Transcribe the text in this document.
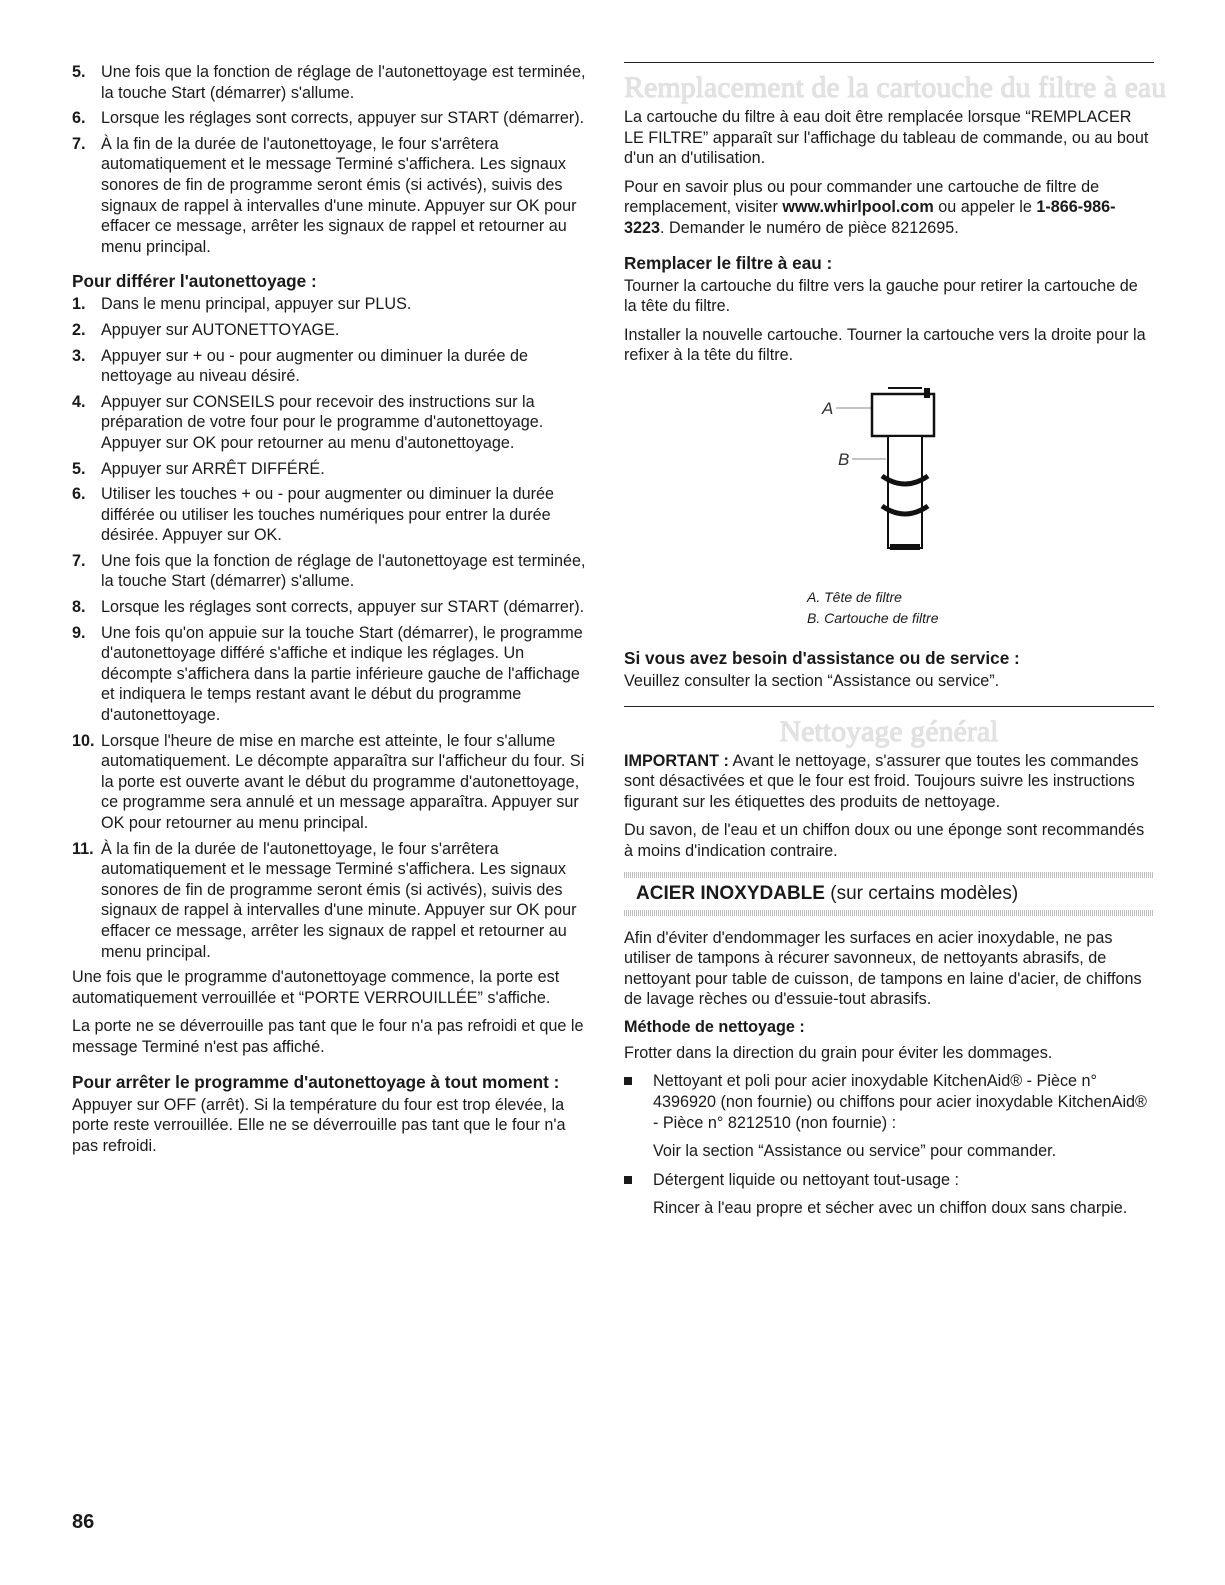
5. Une fois que la fonction de réglage de l'autonettoyage est terminée, la touche Start (démarrer) s'allume.
6. Lorsque les réglages sont corrects, appuyer sur START (démarrer).
7. À la fin de la durée de l'autonettoyage, le four s'arrêtera automatiquement et le message Terminé s'affichera. Les signaux sonores de fin de programme seront émis (si activés), suivis des signaux de rappel à intervalles d'une minute. Appuyer sur OK pour effacer ce message, arrêter les signaux de rappel et retourner au menu principal.
Pour différer l'autonettoyage :
1. Dans le menu principal, appuyer sur PLUS.
2. Appuyer sur AUTONETTOYAGE.
3. Appuyer sur + ou - pour augmenter ou diminuer la durée de nettoyage au niveau désiré.
4. Appuyer sur CONSEILS pour recevoir des instructions sur la préparation de votre four pour le programme d'autonettoyage. Appuyer sur OK pour retourner au menu d'autonettoyage.
5. Appuyer sur ARRÊT DIFFÉRÉ.
6. Utiliser les touches + ou - pour augmenter ou diminuer la durée différée ou utiliser les touches numériques pour entrer la durée désirée. Appuyer sur OK.
7. Une fois que la fonction de réglage de l'autonettoyage est terminée, la touche Start (démarrer) s'allume.
8. Lorsque les réglages sont corrects, appuyer sur START (démarrer).
9. Une fois qu'on appuie sur la touche Start (démarrer), le programme d'autonettoyage différé s'affiche et indique les réglages. Un décompte s'affichera dans la partie inférieure gauche de l'affichage et indiquera le temps restant avant le début du programme d'autonettoyage.
10. Lorsque l'heure de mise en marche est atteinte, le four s'allume automatiquement. Le décompte apparaîtra sur l'afficheur du four. Si la porte est ouverte avant le début du programme d'autonettoyage, ce programme sera annulé et un message apparaîtra. Appuyer sur OK pour retourner au menu principal.
11. À la fin de la durée de l'autonettoyage, le four s'arrêtera automatiquement et le message Terminé s'affichera. Les signaux sonores de fin de programme seront émis (si activés), suivis des signaux de rappel à intervalles d'une minute. Appuyer sur OK pour effacer ce message, arrêter les signaux de rappel et retourner au menu principal.

Une fois que le programme d'autonettoyage commence, la porte est automatiquement verrouillée et “PORTE VERROUILLÉE” s'affiche.

La porte ne se déverrouille pas tant que le four n'a pas refroidi et que le message Terminé n'est pas affiché.

Pour arrêter le programme d'autonettoyage à tout moment :

Appuyer sur OFF (arrêt). Si la température du four est trop élevée, la porte reste verrouillée. Elle ne se déverrouille pas tant que le four n'a pas refroidi.

Remplacement de la cartouche du filtre à eau

La cartouche du filtre à eau doit être remplacée lorsque “REMPLACER LE FILTRE” apparaît sur l'affichage du tableau de commande, ou au bout d'un an d'utilisation.

Pour en savoir plus ou pour commander une cartouche de filtre de remplacement, visiter www.whirlpool.com ou appeler le 1-866-986-3223. Demander le numéro de pièce 8212695.

Remplacer le filtre à eau :

Tourner la cartouche du filtre vers la gauche pour retirer la cartouche de la tête du filtre.

Installer la nouvelle cartouche. Tourner la cartouche vers la droite pour la refixer à la tête du filtre.

A
B
A. Tête de filtre
B. Cartouche de filtre
Si vous avez besoin d'assistance ou de service :

Veuillez consulter la section “Assistance ou service”.

Nettoyage général

IMPORTANT : Avant le nettoyage, s'assurer que toutes les commandes sont désactivées et que le four est froid. Toujours suivre les instructions figurant sur les étiquettes des produits de nettoyage.

Du savon, de l'eau et un chiffon doux ou une éponge sont recommandés à moins d'indication contraire.

ACIER INOXYDABLE (sur certains modèles)

Afin d'éviter d'endommager les surfaces en acier inoxydable, ne pas utiliser de tampons à récurer savonneux, de nettoyants abrasifs, de nettoyant pour table de cuisson, de tampons en laine d'acier, de chiffons de lavage rèches ou d'essuie-tout abrasifs.

Méthode de nettoyage :

Frotter dans la direction du grain pour éviter les dommages.

Nettoyant et poli pour acier inoxydable KitchenAid® - Pièce n° 4396920 (non fournie) ou chiffons pour acier inoxydable KitchenAid® - Pièce n° 8212510 (non fournie) :
Voir la section “Assistance ou service” pour commander.
Détergent liquide ou nettoyant tout-usage :
Rincer à l'eau propre et sécher avec un chiffon doux sans charpie.
86
